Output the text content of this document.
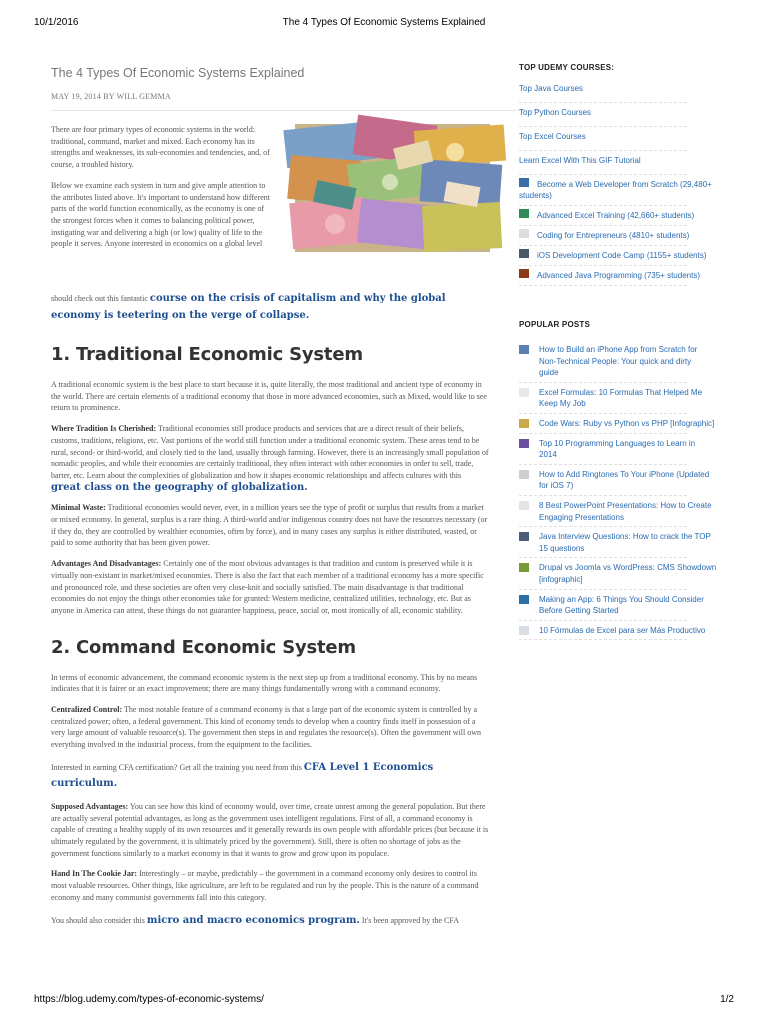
10/1/2016	The 4 Types Of Economic Systems Explained
The 4 Types Of Economic Systems Explained
MAY 19, 2014 BY WILL GEMMA

There are four primary types of economic systems in the world: traditional, command, market and mixed. Each economy has its strengths and weaknesses, its sub-economies and tendencies, and, of course, a troubled history.

Below we examine each system in turn and give ample attention to the attributes listed above. It's important to understand how different parts of the world function economically, as the economy is one of the strongest forces when it comes to balancing political power, instigating war and delivering a high (or low) quality of life to the people it serves. Anyone interested in economics on a global level

should check out this fantastic course on the crisis of capitalism and why the global economy is teetering on the verge of collapse.

1. Traditional Economic System

A traditional economic system is the best place to start because it is, quite literally, the most traditional and ancient type of economy in the world. There are certain elements of a traditional economy that those in more advanced economies, such as Mixed, would like to see return to prominence.

Where Tradition Is Cherished: Traditional economies still produce products and services that are a direct result of their beliefs, customs, traditions, religions, etc. Vast portions of the world still function under a traditional economic system. These areas tend to be rural, second- or third-world, and closely tied to the land, usually through farming. However, there is an increasingly small population of nomadic peoples, and while their economies are certainly traditional, they often interact with other economies in order to sell, trade, barter, etc. Learn about the complexities of globalization and how it shapes economic relationships and affects cultures with this great class on the geography of globalization.

Minimal Waste: Traditional economies would never, ever, in a million years see the type of profit or surplus that results from a market or mixed economy. In general, surplus is a rare thing. A third-world and/or indigenous country does not have the resources necessary (or if they do, they are controlled by wealthier economies, often by force), and in many cases any surplus is either distributed, wasted, or paid to some authority that has been given power.

Advantages And Disadvantages: Certainly one of the most obvious advantages is that tradition and custom is preserved while it is virtually non-existant in market/mixed economies. There is also the fact that each member of a traditional economy has a more specific and pronounced role, and these societies are often very close-knit and socially satisfied. The main disadvantage is that traditional economies do not enjoy the things other economies take for granted: Western medicine, centralized utilities, technology, etc. But as anyone in America can attest, these things do not guarantee happiness, peace, social or, most ironically of all, economic stability.

2. Command Economic System

In terms of economic advancement, the command economic system is the next step up from a traditional economy. This by no means indicates that it is fairer or an exact improvement; there are many things fundamentally wrong with a command economy.

Centralized Control: The most notable feature of a command economy is that a large part of the economic system is controlled by a centralized power; often, a federal government. This kind of economy tends to develop when a country finds itself in possession of a very large amount of valuable resource(s). The government then steps in and regulates the resource(s). Often the government will own everything involved in the industrial process, from the equipment to the facilities.

Interested in earning CFA certification? Get all the training you need from this CFA Level 1 Economics curriculum.

Supposed Advantages: You can see how this kind of economy would, over time, create unrest among the general population. But there are actually several potential advantages, as long as the government uses intelligent regulations. First of all, a command economy is capable of creating a healthy supply of its own resources and it generally rewards its own people with affordable prices (but because it is ultimately regulated by the government, it is ultimately priced by the government). Still, there is often no shortage of jobs as the government functions similarly to a market economy in that it wants to grow and grow upon its populace.

Hand In The Cookie Jar: Interestingly – or maybe, predictably – the government in a command economy only desires to control its most valuable resources. Other things, like agriculture, are left to be regulated and run by the people. This is the nature of a command economy and many communist governments fall into this category.

You should also consider this micro and macro economics program. It's been approved by the CFA

TOP UDEMY COURSES:
Top Java Courses
Top Python Courses
Top Excel Courses
Learn Excel With This GIF Tutorial
Become a Web Developer from Scratch (29,480+
students)
Advanced Excel Training (42,660+ students)
Coding for Entrepreneurs (4810+ students)
iOS Development Code Camp (1155+ students)
Advanced Java Programming (735+ students)
POPULAR POSTS
How to Build an iPhone App from Scratch for
Non-Technical People: Your quick and dirty
guide
Excel Formulas: 10 Formulas That Helped Me
Keep My Job
Code Wars: Ruby vs Python vs PHP [Infographic]
Top 10 Programming Languages to Learn in
2014
How to Add Ringtones To Your iPhone (Updated
for iOS 7)
8 Best PowerPoint Presentations: How to Create
Engaging Presentations
Java Interview Questions: How to crack the TOP
15 questions
Drupal vs Joomla vs WordPress: CMS Showdown
[infographic]
Making an App: 6 Things You Should Consider
Before Getting Started
10 Fórmulas de Excel para ser Más Productivo
https://blog.udemy.com/types-of-economic-systems/	1/2
